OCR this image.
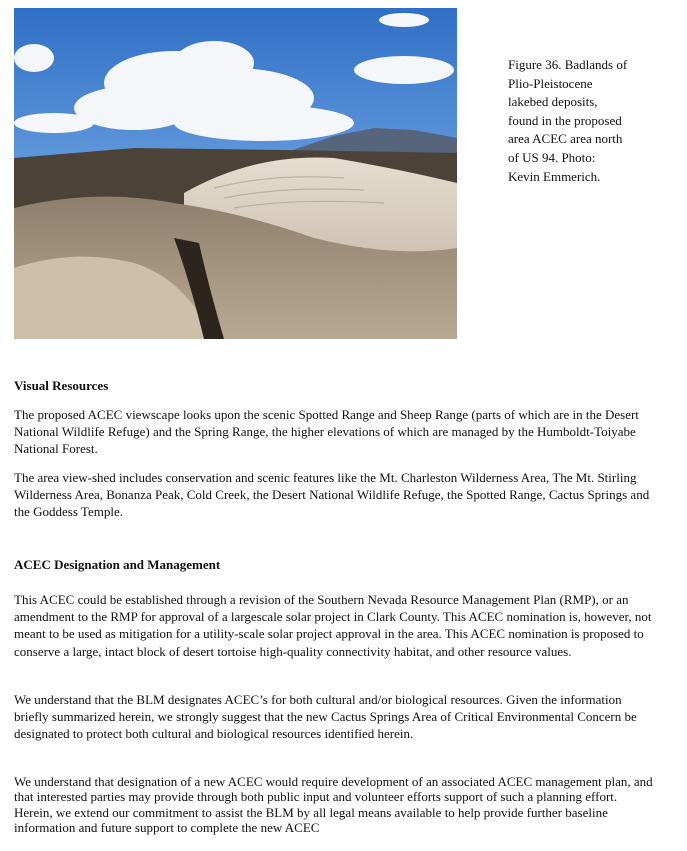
Figure 36. Badlands of Plio-Pleistocene lakebed deposits, found in the proposed area ACEC area north of US 94. Photo: Kevin Emmerich.
Visual Resources

The proposed ACEC viewscape looks upon the scenic Spotted Range and Sheep Range (parts of which are in the Desert National Wildlife Refuge) and the Spring Range, the higher elevations of which are managed by the Humboldt-Toiyabe National Forest.

The area view-shed includes conservation and scenic features like the Mt. Charleston Wilderness Area, The Mt. Stirling Wilderness Area, Bonanza Peak, Cold Creek, the Desert National Wildlife Refuge, the Spotted Range, Cactus Springs and the Goddess Temple.

ACEC Designation and Management

This ACEC could be established through a revision of the Southern Nevada Resource Management Plan (RMP), or an amendment to the RMP for approval of a largescale solar project in Clark County. This ACEC nomination is, however, not meant to be used as mitigation for a utility-scale solar project approval in the area. This ACEC nomination is proposed to conserve a large, intact block of desert tortoise high-quality connectivity habitat, and other resource values.

We understand that the BLM designates ACEC’s for both cultural and/or biological resources. Given the information briefly summarized herein, we strongly suggest that the new Cactus Springs Area of Critical Environmental Concern be designated to protect both cultural and biological resources identified herein.

We understand that designation of a new ACEC would require development of an associated ACEC management plan, and that interested parties may provide through both public input and volunteer efforts support of such a planning effort. Herein, we extend our commitment to assist the BLM by all legal means available to help provide further baseline information and future support to complete the new ACEC
